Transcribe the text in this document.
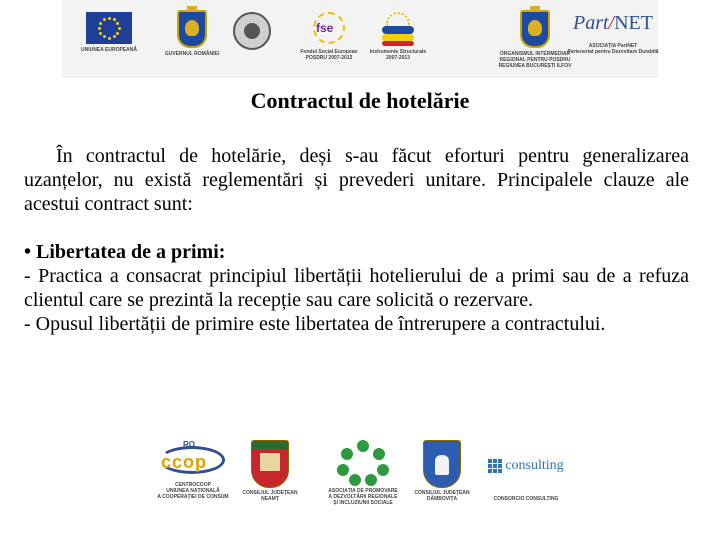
UNIUNEA EUROPEANĂ
GUVERNUL ROMÂNIEI
fse
Fondul Social European
POSDRU 2007-2013
Instrumente Structurale
2007-2013
ORGANISMUL INTERMEDIAR
REGIONAL PENTRU POSDRU
REGIUNEA BUCUREȘTI ILFOV
Part/NET
ASOCIAȚIA PartNET
Parteneriat pentru Dezvoltare Durabilă
Contractul de hotelărie

În contractul de hotelărie, deși s-au făcut eforturi pentru generalizarea uzanțelor, nu există reglementări și prevederi unitare. Principalele clauze ale acestui contract sunt:

• Libertatea de a primi:

- Practica a consacrat principiul libertății hotelierului de a primi sau de a refuza clientul care se prezintă la recepție sau care solicită o rezervare.

- Opusul libertății de primire este libertatea de întrerupere a contractului.

RO
ccop
CENTROCOOP
UNIUNEA NAȚIONALĂ
A COOPERAȚIEI DE CONSUM
CONSILIUL JUDEȚEAN
NEAMȚ
ASOCIAȚIA DE PROMOVARE
A DEZVOLTĂRII REGIONALE
ȘI INCLUZIUNII SOCIALE
CONSILIUL JUDEȚEAN
DÂMBOVIȚA
consulting
CONSORCIO CONSULTING
